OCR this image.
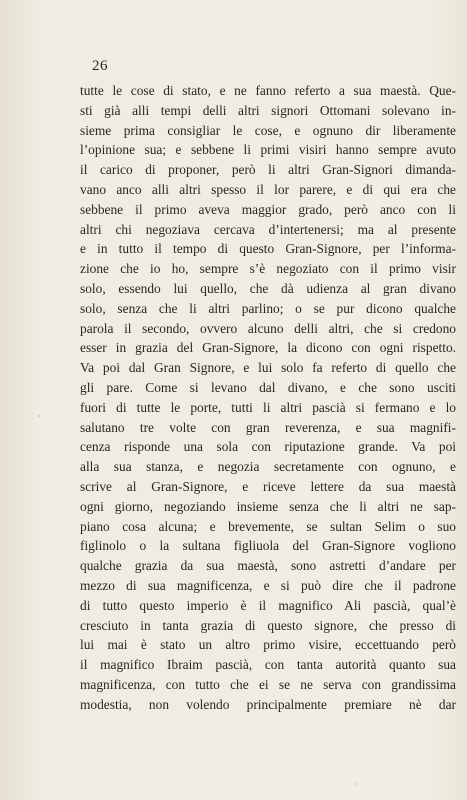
26
tutte le cose di stato, e ne fanno referto a sua maestà. Que-
sti già alli tempi delli altri signori Ottomani solevano in-
sieme prima consigliar le cose, e ognuno dir liberamente
l’opinione sua; e sebbene li primi visiri hanno sempre avuto
il carico di proponer, però li altri Gran-Signori dimanda-
vano anco alli altri spesso il lor parere, e di qui era che
sebbene il primo aveva maggior grado, però anco con li
altri chi negoziava cercava d’intertenersi; ma al presente
e in tutto il tempo di questo Gran-Signore, per l’informa-
zione che io ho, sempre s’è negoziato con il primo visir
solo, essendo lui quello, che dà udienza al gran divano
solo, senza che li altri parlino; o se pur dicono qualche
parola il secondo, ovvero alcuno delli altri, che si credono
esser in grazia del Gran-Signore, la dicono con ogni rispetto.
Va poi dal Gran Signore, e lui solo fa referto di quello che
gli pare. Come si levano dal divano, e che sono usciti
fuori di tutte le porte, tutti li altri pascià si fermano e lo
salutano tre volte con gran reverenza, e sua magnifi-
cenza risponde una sola con riputazione grande. Va poi
alla sua stanza, e negozia secretamente con ognuno, e
scrive al Gran-Signore, e riceve lettere da sua maestà
ogni giorno, negoziando insieme senza che li altri ne sap-
piano cosa alcuna; e brevemente, se sultan Selim o suo
figlinolo o la sultana figliuola del Gran-Signore vogliono
qualche grazia da sua maestà, sono astretti d’andare per
mezzo di sua magnificenza, e si può dire che il padrone
di tutto questo imperio è il magnifico Ali pascià, qual’è
cresciuto in tanta grazia di questo signore, che presso di
lui mai è stato un altro primo visire, eccettuando però
il magnifico Ibraim pascià, con tanta autorità quanto sua
magnificenza, con tutto che ei se ne serva con grandissima
modestia, non volendo principalmente premiare nè dar
